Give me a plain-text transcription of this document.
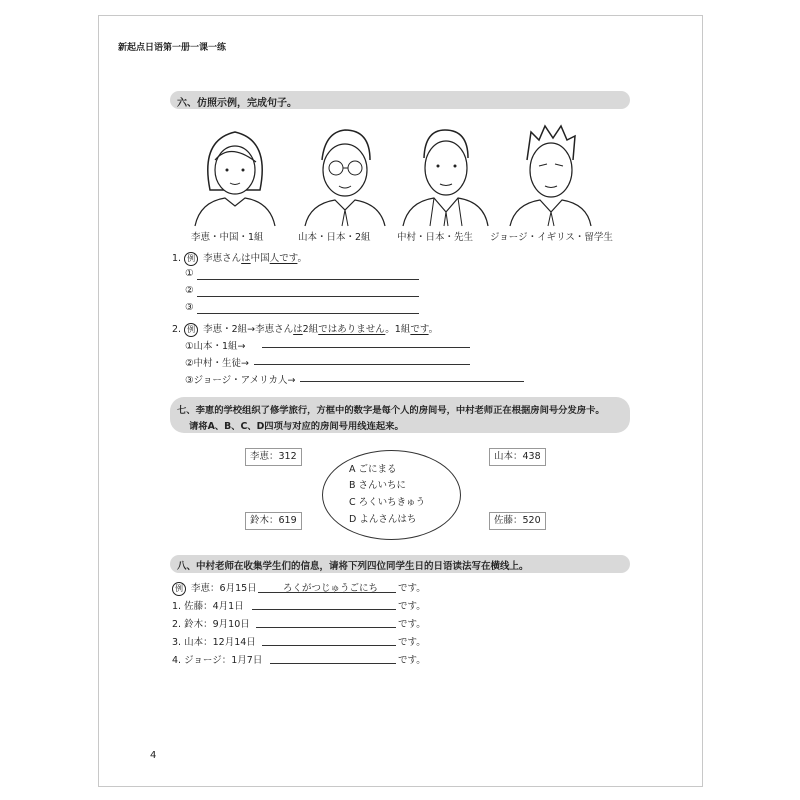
新起点日语第一册一课一练
六、仿照示例，完成句子。
李恵・中国・1組	山本・日本・2組	中村・日本・先生 ジョージ・イギリス・留学生
1. 例 李恵さんは中国人です。
①
②
③
2. 例 李恵・2組→李恵さんは2組ではありません。1組です。
①山本・1組→
②中村・生徒→
③ジョージ・アメリカ人→
七、李恵的学校组织了修学旅行，方框中的数字是每个人的房间号，中村老师正在根据房间号分发房卡。
请将A、B、C、D四项与对应的房间号用线连起来。
李恵：312	山本：438
鈴木：619	佐藤：520
A ごにまる
B さんいちに
C ろくいちきゅう
D よんさんはち
八、中村老师在收集学生们的信息，请将下列四位同学生日的日语读法写在横线上。
例 李恵：6月15日	ろくがつじゅうごにち です。
1. 佐藤：4月1日	です。
2. 鈴木：9月10日	です。
3. 山本：12月14日	です。
4. ジョージ：1月7日	です。
4
